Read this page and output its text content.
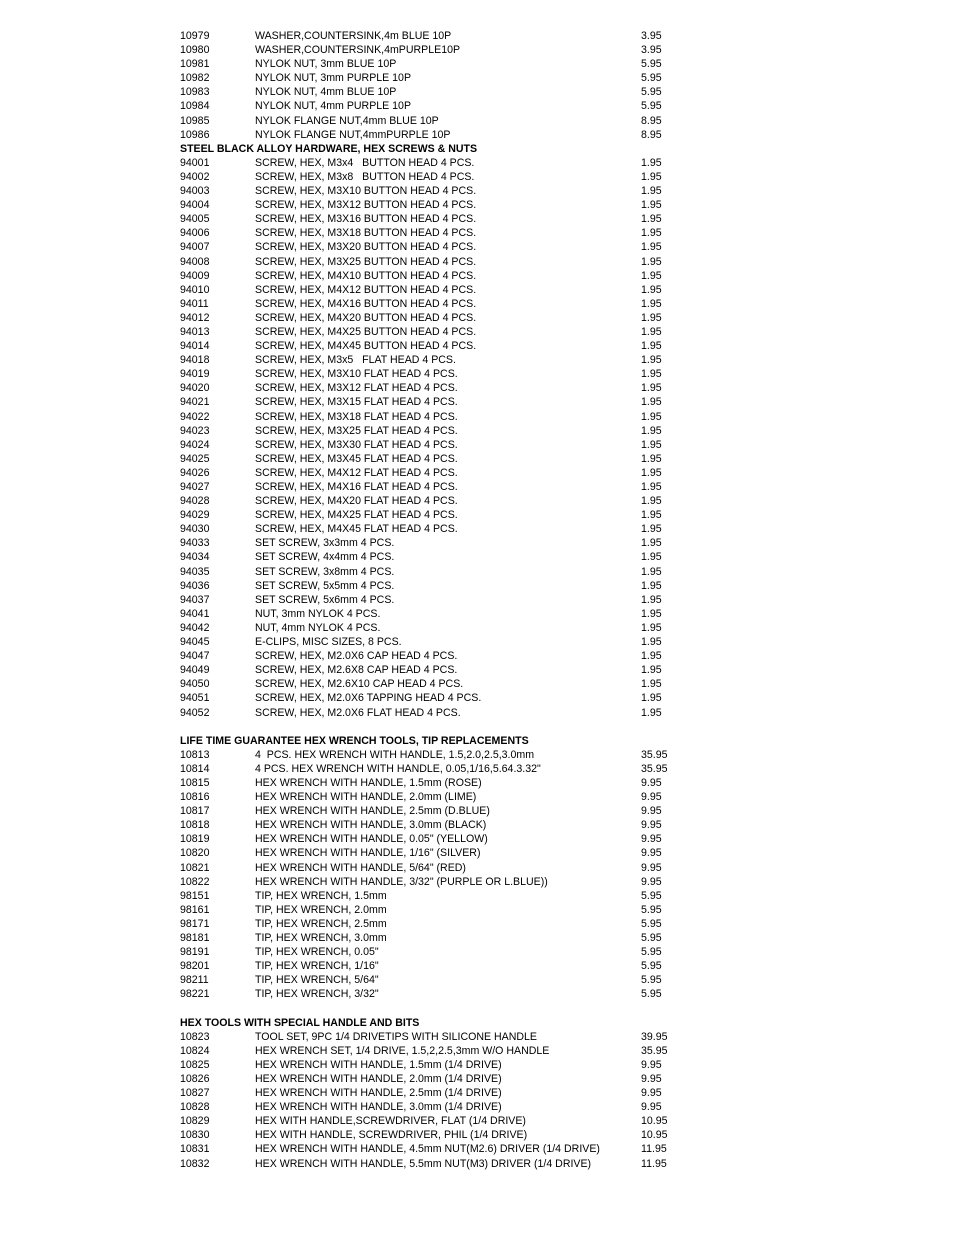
10979	WASHER,COUNTERSINK,4m BLUE 10P	3.95
10980	WASHER,COUNTERSINK,4mPURPLE10P	3.95
10981	NYLOK NUT, 3mm BLUE 10P	5.95
10982	NYLOK NUT, 3mm PURPLE 10P	5.95
10983	NYLOK NUT, 4mm BLUE 10P	5.95
10984	NYLOK NUT, 4mm PURPLE 10P	5.95
10985	NYLOK FLANGE NUT,4mm BLUE 10P	8.95
10986	NYLOK FLANGE NUT,4mmPURPLE 10P	8.95
STEEL BLACK ALLOY HARDWARE, HEX SCREWS & NUTS
94001	SCREW, HEX, M3x4   BUTTON HEAD 4 PCS.	1.95
94002	SCREW, HEX, M3x8   BUTTON HEAD 4 PCS.	1.95
94003	SCREW, HEX, M3X10 BUTTON HEAD 4 PCS.	1.95
94004	SCREW, HEX, M3X12 BUTTON HEAD 4 PCS.	1.95
94005	SCREW, HEX, M3X16 BUTTON HEAD 4 PCS.	1.95
94006	SCREW, HEX, M3X18 BUTTON HEAD 4 PCS.	1.95
94007	SCREW, HEX, M3X20 BUTTON HEAD 4 PCS.	1.95
94008	SCREW, HEX, M3X25 BUTTON HEAD 4 PCS.	1.95
94009	SCREW, HEX, M4X10 BUTTON HEAD 4 PCS.	1.95
94010	SCREW, HEX, M4X12 BUTTON HEAD 4 PCS.	1.95
94011	SCREW, HEX, M4X16 BUTTON HEAD 4 PCS.	1.95
94012	SCREW, HEX, M4X20 BUTTON HEAD 4 PCS.	1.95
94013	SCREW, HEX, M4X25 BUTTON HEAD 4 PCS.	1.95
94014	SCREW, HEX, M4X45 BUTTON HEAD 4 PCS.	1.95
94018	SCREW, HEX, M3x5   FLAT HEAD 4 PCS.	1.95
94019	SCREW, HEX, M3X10 FLAT HEAD 4 PCS.	1.95
94020	SCREW, HEX, M3X12 FLAT HEAD 4 PCS.	1.95
94021	SCREW, HEX, M3X15 FLAT HEAD 4 PCS.	1.95
94022	SCREW, HEX, M3X18 FLAT HEAD 4 PCS.	1.95
94023	SCREW, HEX, M3X25 FLAT HEAD 4 PCS.	1.95
94024	SCREW, HEX, M3X30 FLAT HEAD 4 PCS.	1.95
94025	SCREW, HEX, M3X45 FLAT HEAD 4 PCS.	1.95
94026	SCREW, HEX, M4X12 FLAT HEAD 4 PCS.	1.95
94027	SCREW, HEX, M4X16 FLAT HEAD 4 PCS.	1.95
94028	SCREW, HEX, M4X20 FLAT HEAD 4 PCS.	1.95
94029	SCREW, HEX, M4X25 FLAT HEAD 4 PCS.	1.95
94030	SCREW, HEX, M4X45 FLAT HEAD 4 PCS.	1.95
94033	SET SCREW, 3x3mm 4 PCS.	1.95
94034	SET SCREW, 4x4mm 4 PCS.	1.95
94035	SET SCREW, 3x8mm 4 PCS.	1.95
94036	SET SCREW, 5x5mm 4 PCS.	1.95
94037	SET SCREW, 5x6mm 4 PCS.	1.95
94041	NUT, 3mm NYLOK 4 PCS.	1.95
94042	NUT, 4mm NYLOK 4 PCS.	1.95
94045	E-CLIPS, MISC SIZES, 8 PCS.	1.95
94047	SCREW, HEX, M2.0X6 CAP HEAD 4 PCS.	1.95
94049	SCREW, HEX, M2.6X8 CAP HEAD 4 PCS.	1.95
94050	SCREW, HEX, M2.6X10 CAP HEAD 4 PCS.	1.95
94051	SCREW, HEX, M2.0X6 TAPPING HEAD 4 PCS.	1.95
94052	SCREW, HEX, M2.0X6 FLAT HEAD 4 PCS.	1.95
LIFE TIME GUARANTEE HEX WRENCH TOOLS, TIP REPLACEMENTS
10813	4  PCS. HEX WRENCH WITH HANDLE, 1.5,2.0,2.5,3.0mm	35.95
10814	4 PCS. HEX WRENCH WITH HANDLE, 0.05,1/16,5.64.3.32"	35.95
10815	HEX WRENCH WITH HANDLE, 1.5mm (ROSE)	9.95
10816	HEX WRENCH WITH HANDLE, 2.0mm (LIME)	9.95
10817	HEX WRENCH WITH HANDLE, 2.5mm (D.BLUE)	9.95
10818	HEX WRENCH WITH HANDLE, 3.0mm (BLACK)	9.95
10819	HEX WRENCH WITH HANDLE, 0.05" (YELLOW)	9.95
10820	HEX WRENCH WITH HANDLE, 1/16" (SILVER)	9.95
10821	HEX WRENCH WITH HANDLE, 5/64" (RED)	9.95
10822	HEX WRENCH WITH HANDLE, 3/32" (PURPLE OR L.BLUE))	9.95
98151	TIP, HEX WRENCH, 1.5mm	5.95
98161	TIP, HEX WRENCH, 2.0mm	5.95
98171	TIP, HEX WRENCH, 2.5mm	5.95
98181	TIP, HEX WRENCH, 3.0mm	5.95
98191	TIP, HEX WRENCH, 0.05"	5.95
98201	TIP, HEX WRENCH, 1/16"	5.95
98211	TIP, HEX WRENCH, 5/64"	5.95
98221	TIP, HEX WRENCH, 3/32"	5.95
HEX TOOLS WITH SPECIAL HANDLE AND BITS
10823	TOOL SET, 9PC 1/4 DRIVETIPS WITH SILICONE HANDLE	39.95
10824	HEX WRENCH SET, 1/4 DRIVE, 1.5,2,2.5,3mm W/O HANDLE	35.95
10825	HEX WRENCH WITH HANDLE, 1.5mm (1/4 DRIVE)	9.95
10826	HEX WRENCH WITH HANDLE, 2.0mm (1/4 DRIVE)	9.95
10827	HEX WRENCH WITH HANDLE, 2.5mm (1/4 DRIVE)	9.95
10828	HEX WRENCH WITH HANDLE, 3.0mm (1/4 DRIVE)	9.95
10829	HEX WITH HANDLE,SCREWDRIVER, FLAT (1/4 DRIVE)	10.95
10830	HEX WITH HANDLE, SCREWDRIVER, PHIL (1/4 DRIVE)	10.95
10831	HEX WRENCH WITH HANDLE, 4.5mm NUT(M2.6) DRIVER (1/4 DRIVE)	11.95
10832	HEX WRENCH WITH HANDLE, 5.5mm NUT(M3) DRIVER (1/4 DRIVE)	11.95
